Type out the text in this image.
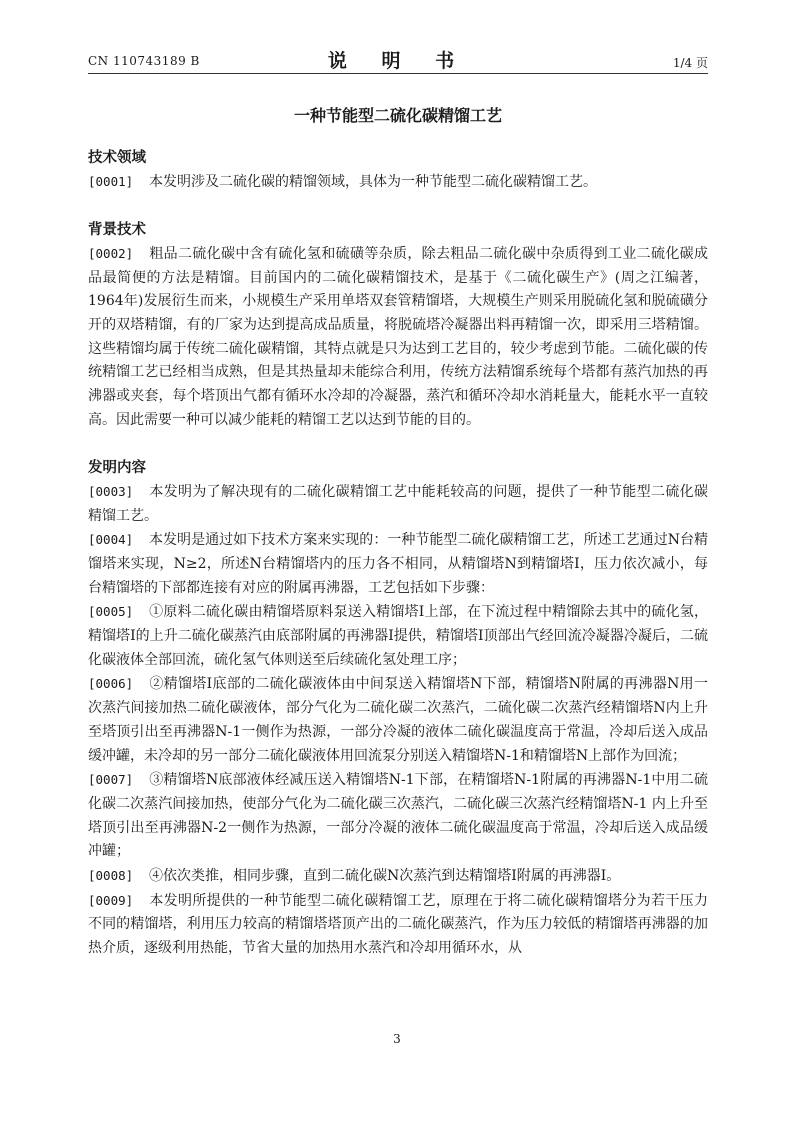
CN 110743189 B	说 明 书	1/4 页
一种节能型二硫化碳精馏工艺
技术领域

[0001] 本发明涉及二硫化碳的精馏领域，具体为一种节能型二硫化碳精馏工艺。

背景技术

[0002] 粗品二硫化碳中含有硫化氢和硫磺等杂质，除去粗品二硫化碳中杂质得到工业二硫化碳成品最简便的方法是精馏。目前国内的二硫化碳精馏技术，是基于《二硫化碳生产》(周之江编著，1964年)发展衍生而来，小规模生产采用单塔双套管精馏塔，大规模生产则采用脱硫化氢和脱硫磺分开的双塔精馏，有的厂家为达到提高成品质量，将脱硫塔冷凝器出料再精馏一次，即采用三塔精馏。这些精馏均属于传统二硫化碳精馏，其特点就是只为达到工艺目的，较少考虑到节能。二硫化碳的传统精馏工艺已经相当成熟，但是其热量却未能综合利用，传统方法精馏系统每个塔都有蒸汽加热的再沸器或夹套，每个塔顶出气都有循环水冷却的冷凝器，蒸汽和循环冷却水消耗量大，能耗水平一直较高。因此需要一种可以减少能耗的精馏工艺以达到节能的目的。

发明内容

[0003] 本发明为了解决现有的二硫化碳精馏工艺中能耗较高的问题，提供了一种节能型二硫化碳精馏工艺。

[0004] 本发明是通过如下技术方案来实现的：一种节能型二硫化碳精馏工艺，所述工艺通过N台精馏塔来实现，N≥2，所述N台精馏塔内的压力各不相同，从精馏塔N到精馏塔I，压力依次减小，每台精馏塔的下部都连接有对应的附属再沸器，工艺包括如下步骤：

[0005] ①原料二硫化碳由精馏塔原料泵送入精馏塔I上部，在下流过程中精馏除去其中的硫化氢，精馏塔I的上升二硫化碳蒸汽由底部附属的再沸器I提供，精馏塔I顶部出气经回流冷凝器冷凝后，二硫化碳液体全部回流，硫化氢气体则送至后续硫化氢处理工序；

[0006] ②精馏塔I底部的二硫化碳液体由中间泵送入精馏塔N下部，精馏塔N附属的再沸器N用一次蒸汽间接加热二硫化碳液体，部分气化为二硫化碳二次蒸汽，二硫化碳二次蒸汽经精馏塔N内上升至塔顶引出至再沸器N-1一侧作为热源，一部分冷凝的液体二硫化碳温度高于常温，冷却后送入成品缓冲罐，未冷却的另一部分二硫化碳液体用回流泵分别送入精馏塔N-1和精馏塔N上部作为回流；

[0007] ③精馏塔N底部液体经减压送入精馏塔N-1下部，在精馏塔N-1附属的再沸器N-1中用二硫化碳二次蒸汽间接加热，使部分气化为二硫化碳三次蒸汽，二硫化碳三次蒸汽经精馏塔N-1 内上升至塔顶引出至再沸器N-2一侧作为热源，一部分冷凝的液体二硫化碳温度高于常温，冷却后送入成品缓冲罐；

[0008] ④依次类推，相同步骤，直到二硫化碳N次蒸汽到达精馏塔I附属的再沸器I。

[0009] 本发明所提供的一种节能型二硫化碳精馏工艺，原理在于将二硫化碳精馏塔分为若干压力不同的精馏塔，利用压力较高的精馏塔塔顶产出的二硫化碳蒸汽，作为压力较低的精馏塔再沸器的加热介质，逐级利用热能，节省大量的加热用水蒸汽和冷却用循环水，从

3
